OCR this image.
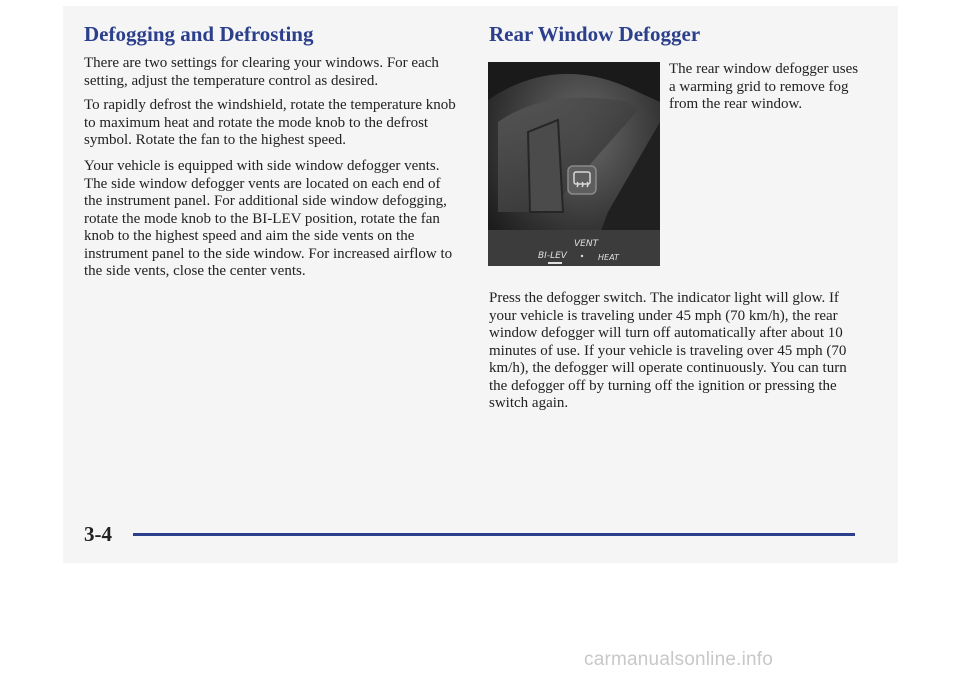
Defogging and Defrosting

There are two settings for clearing your windows. For each setting, adjust the temperature control as desired.

To rapidly defrost the windshield, rotate the temperature knob to maximum heat and rotate the mode knob to the defrost symbol. Rotate the fan to the highest speed.

Your vehicle is equipped with side window defogger vents. The side window defogger vents are located on each end of the instrument panel. For additional side window defogging, rotate the mode knob to the BI-LEV position, rotate the fan knob to the highest speed and aim the side vents on the instrument panel to the side window. For increased airflow to the side vents, close the center vents.

Rear Window Defogger
BI-LEV
VENT
HEAT

The rear window defogger uses a warming grid to remove fog from the rear window.

Press the defogger switch. The indicator light will glow. If your vehicle is traveling under 45 mph (70 km/h), the rear window defogger will turn off automatically after about 10 minutes of use. If your vehicle is traveling over 45 mph (70 km/h), the defogger will operate continuously. You can turn the defogger off by turning off the ignition or pressing the switch again.

3-4
carmanualsonline.info
